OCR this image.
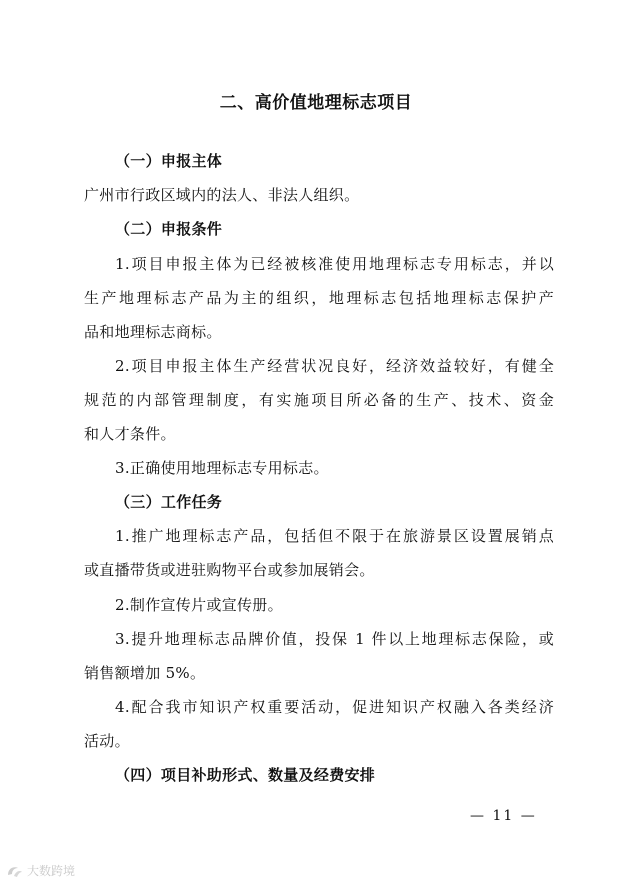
二、高价值地理标志项目
（一）申报主体
广州市行政区域内的法人、非法人组织。
（二）申报条件
1.项目申报主体为已经被核准使用地理标志专用标志，并以
生产地理标志产品为主的组织，地理标志包括地理标志保护产
品和地理标志商标。
2.项目申报主体生产经营状况良好，经济效益较好，有健全
规范的内部管理制度，有实施项目所必备的生产、技术、资金
和人才条件。
3.正确使用地理标志专用标志。
（三）工作任务
1.推广地理标志产品，包括但不限于在旅游景区设置展销点
或直播带货或进驻购物平台或参加展销会。
2.制作宣传片或宣传册。
3.提升地理标志品牌价值，投保 1 件以上地理标志保险，或
销售额增加 5%。
4.配合我市知识产权重要活动，促进知识产权融入各类经济
活动。
（四）项目补助形式、数量及经费安排
— 11 —
大数跨境
